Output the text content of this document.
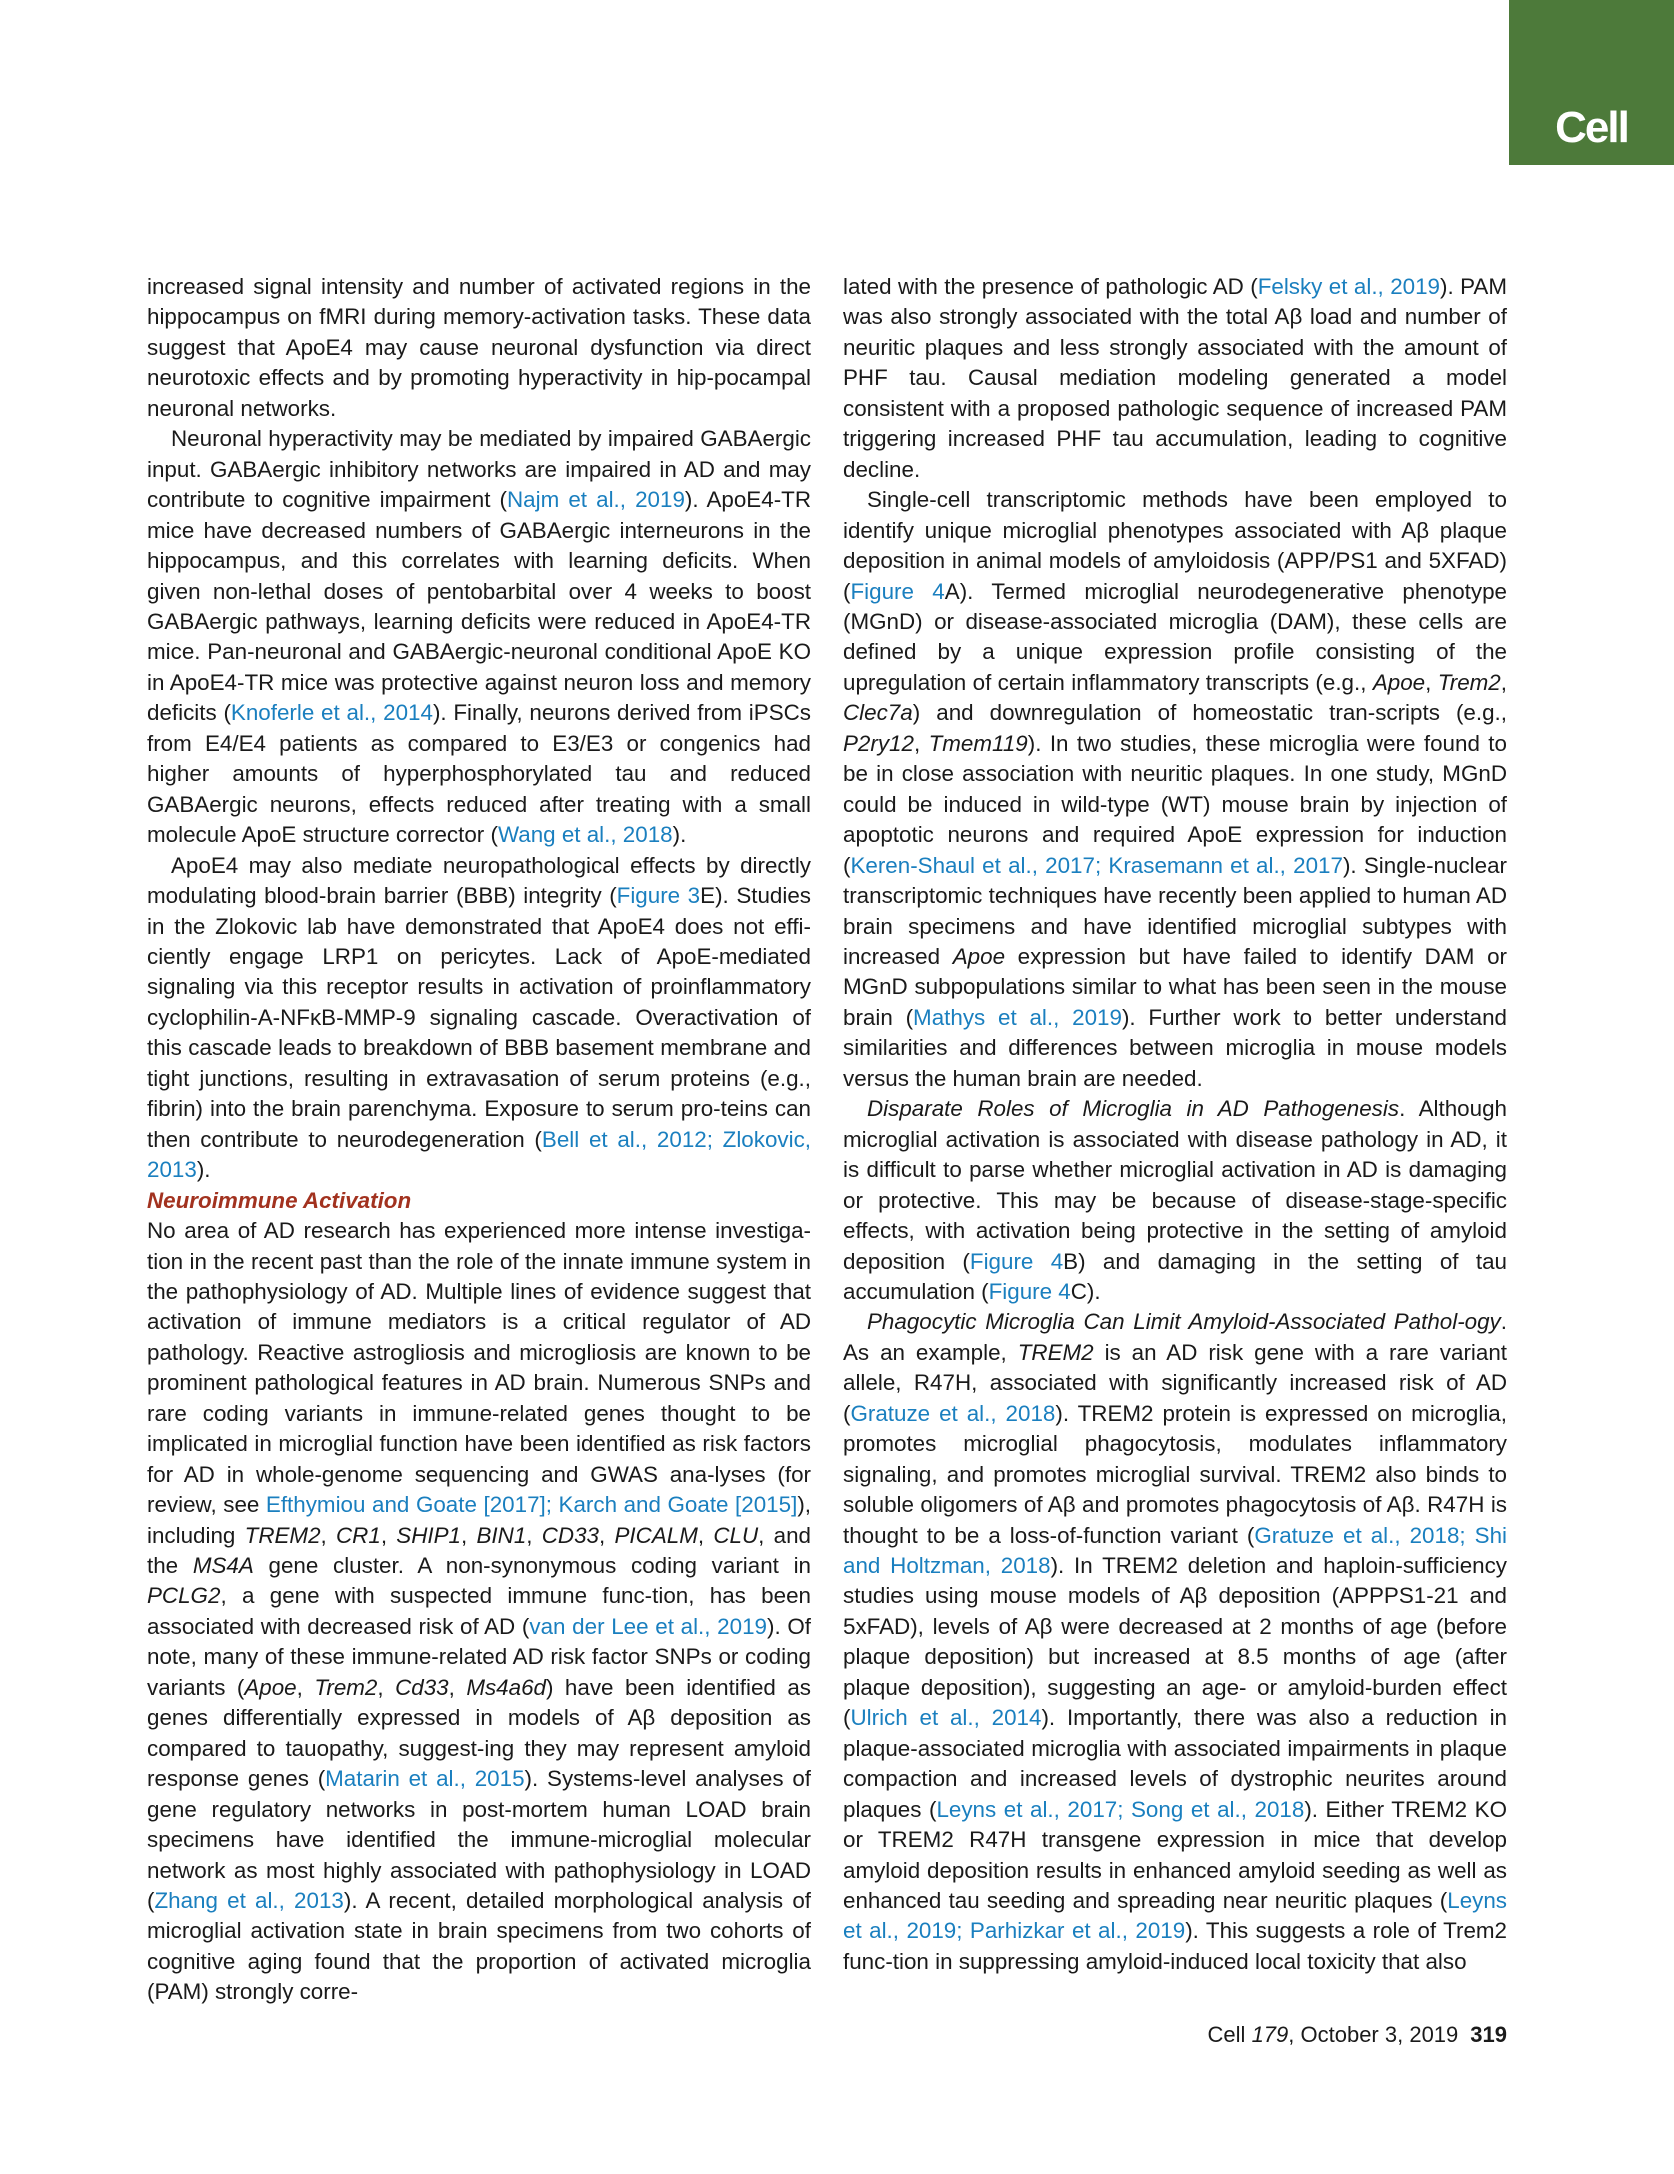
Cell

increased signal intensity and number of activated regions in the hippocampus on fMRI during memory-activation tasks. These data suggest that ApoE4 may cause neuronal dysfunction via direct neurotoxic effects and by promoting hyperactivity in hip-pocampal neuronal networks.

Neuronal hyperactivity may be mediated by impaired GABAergic input. GABAergic inhibitory networks are impaired in AD and may contribute to cognitive impairment (Najm et al., 2019). ApoE4-TR mice have decreased numbers of GABAergic interneurons in the hippocampus, and this correlates with learning deficits. When given non-lethal doses of pentobarbital over 4 weeks to boost GABAergic pathways, learning deficits were reduced in ApoE4-TR mice. Pan-neuronal and GABAergic-neuronal conditional ApoE KO in ApoE4-TR mice was protective against neuron loss and memory deficits (Knoferle et al., 2014). Finally, neurons derived from iPSCs from E4/E4 patients as compared to E3/E3 or congenics had higher amounts of hyperphosphorylated tau and reduced GABAergic neurons, effects reduced after treating with a small molecule ApoE structure corrector (Wang et al., 2018).

ApoE4 may also mediate neuropathological effects by directly modulating blood-brain barrier (BBB) integrity (Figure 3E). Studies in the Zlokovic lab have demonstrated that ApoE4 does not effi-ciently engage LRP1 on pericytes. Lack of ApoE-mediated signaling via this receptor results in activation of proinflammatory cyclophilin-A-NFκB-MMP-9 signaling cascade. Overactivation of this cascade leads to breakdown of BBB basement membrane and tight junctions, resulting in extravasation of serum proteins (e.g., fibrin) into the brain parenchyma. Exposure to serum pro-teins can then contribute to neurodegeneration (Bell et al., 2012; Zlokovic, 2013).

Neuroimmune Activation

No area of AD research has experienced more intense investiga-tion in the recent past than the role of the innate immune system in the pathophysiology of AD. Multiple lines of evidence suggest that activation of immune mediators is a critical regulator of AD pathology. Reactive astrogliosis and microgliosis are known to be prominent pathological features in AD brain. Numerous SNPs and rare coding variants in immune-related genes thought to be implicated in microglial function have been identified as risk factors for AD in whole-genome sequencing and GWAS ana-lyses (for review, see Efthymiou and Goate [2017]; Karch and Goate [2015]), including TREM2, CR1, SHIP1, BIN1, CD33, PICALM, CLU, and the MS4A gene cluster. A non-synonymous coding variant in PCLG2, a gene with suspected immune func-tion, has been associated with decreased risk of AD (van der Lee et al., 2019). Of note, many of these immune-related AD risk factor SNPs or coding variants (Apoe, Trem2, Cd33, Ms4a6d) have been identified as genes differentially expressed in models of Aβ deposition as compared to tauopathy, suggest-ing they may represent amyloid response genes (Matarin et al., 2015). Systems-level analyses of gene regulatory networks in post-mortem human LOAD brain specimens have identified the immune-microglial molecular network as most highly associated with pathophysiology in LOAD (Zhang et al., 2013). A recent, detailed morphological analysis of microglial activation state in brain specimens from two cohorts of cognitive aging found that the proportion of activated microglia (PAM) strongly corre-

lated with the presence of pathologic AD (Felsky et al., 2019). PAM was also strongly associated with the total Aβ load and number of neuritic plaques and less strongly associated with the amount of PHF tau. Causal mediation modeling generated a model consistent with a proposed pathologic sequence of increased PAM triggering increased PHF tau accumulation, leading to cognitive decline.

Single-cell transcriptomic methods have been employed to identify unique microglial phenotypes associated with Aβ plaque deposition in animal models of amyloidosis (APP/PS1 and 5XFAD) (Figure 4A). Termed microglial neurodegenerative phenotype (MGnD) or disease-associated microglia (DAM), these cells are defined by a unique expression profile consisting of the upregulation of certain inflammatory transcripts (e.g., Apoe, Trem2, Clec7a) and downregulation of homeostatic tran-scripts (e.g., P2ry12, Tmem119). In two studies, these microglia were found to be in close association with neuritic plaques. In one study, MGnD could be induced in wild-type (WT) mouse brain by injection of apoptotic neurons and required ApoE expression for induction (Keren-Shaul et al., 2017; Krasemann et al., 2017). Single-nuclear transcriptomic techniques have recently been applied to human AD brain specimens and have identified microglial subtypes with increased Apoe expression but have failed to identify DAM or MGnD subpopulations similar to what has been seen in the mouse brain (Mathys et al., 2019). Further work to better understand similarities and differences between microglia in mouse models versus the human brain are needed.

Disparate Roles of Microglia in AD Pathogenesis. Although microglial activation is associated with disease pathology in AD, it is difficult to parse whether microglial activation in AD is damaging or protective. This may be because of disease-stage-specific effects, with activation being protective in the setting of amyloid deposition (Figure 4B) and damaging in the setting of tau accumulation (Figure 4C).

Phagocytic Microglia Can Limit Amyloid-Associated Pathol-ogy. As an example, TREM2 is an AD risk gene with a rare variant allele, R47H, associated with significantly increased risk of AD (Gratuze et al., 2018). TREM2 protein is expressed on microglia, promotes microglial phagocytosis, modulates inflammatory signaling, and promotes microglial survival. TREM2 also binds to soluble oligomers of Aβ and promotes phagocytosis of Aβ. R47H is thought to be a loss-of-function variant (Gratuze et al., 2018; Shi and Holtzman, 2018). In TREM2 deletion and haploin-sufficiency studies using mouse models of Aβ deposition (APPPS1-21 and 5xFAD), levels of Aβ were decreased at 2 months of age (before plaque deposition) but increased at 8.5 months of age (after plaque deposition), suggesting an age- or amyloid-burden effect (Ulrich et al., 2014). Importantly, there was also a reduction in plaque-associated microglia with associated impairments in plaque compaction and increased levels of dystrophic neurites around plaques (Leyns et al., 2017; Song et al., 2018). Either TREM2 KO or TREM2 R47H transgene expression in mice that develop amyloid deposition results in enhanced amyloid seeding as well as enhanced tau seeding and spreading near neuritic plaques (Leyns et al., 2019; Parhizkar et al., 2019). This suggests a role of Trem2 func-tion in suppressing amyloid-induced local toxicity that also

Cell 179, October 3, 2019 319
